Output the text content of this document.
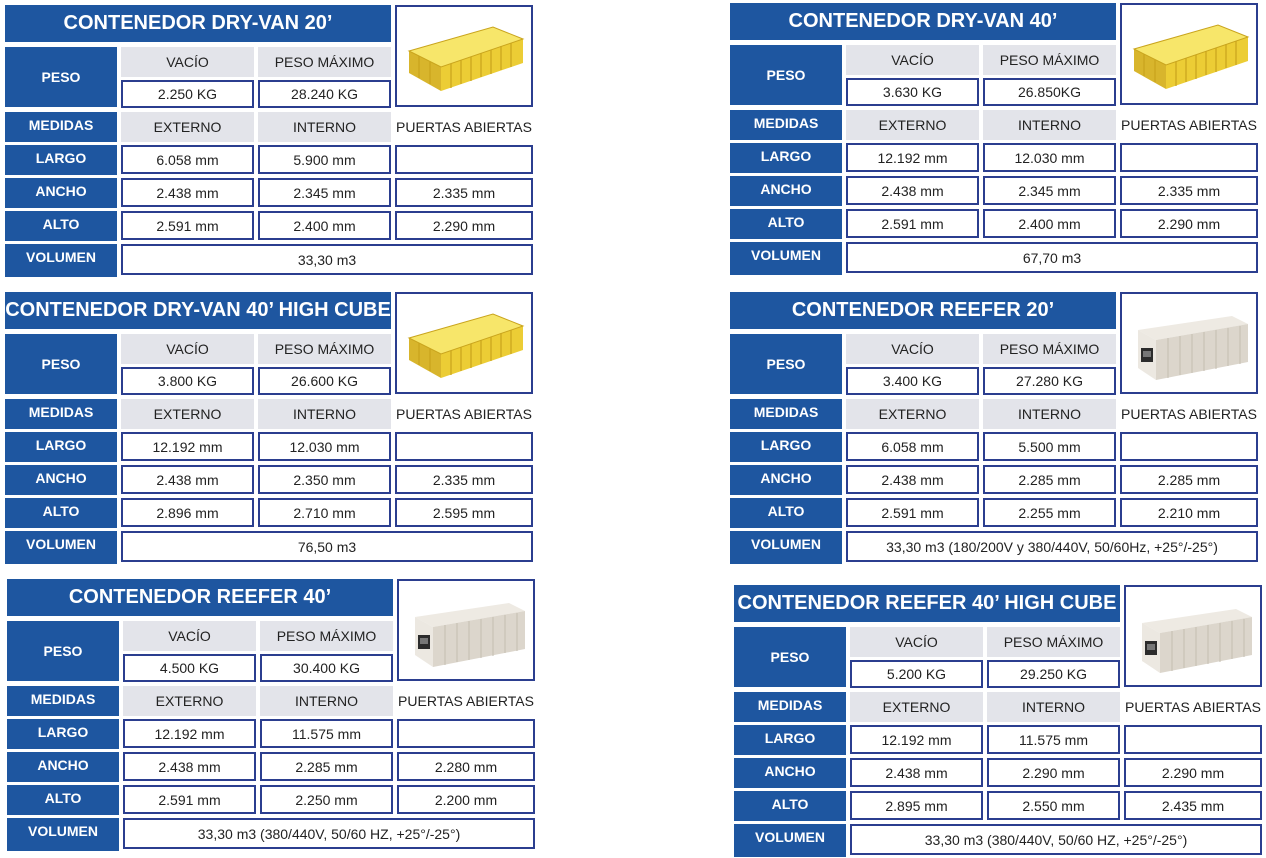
CONTENEDOR DRY-VAN 20’
PESO
VACÍO	PESO MÁXIMO
2.250 KG	28.240 KG
MEDIDAS	EXTERNO	INTERNO	PUERTAS ABIERTAS
LARGO	6.058 mm	5.900 mm
ANCHO	2.438 mm	2.345 mm	2.335 mm
ALTO	2.591 mm	2.400 mm	2.290 mm
VOLUMEN	33,30 m3
CONTENEDOR DRY-VAN 40’
PESO
VACÍO	PESO MÁXIMO
3.630 KG	26.850KG
MEDIDAS	EXTERNO	INTERNO	PUERTAS ABIERTAS
LARGO	12.192 mm	12.030 mm
ANCHO	2.438 mm	2.345 mm	2.335 mm
ALTO	2.591 mm	2.400 mm	2.290 mm
VOLUMEN	67,70 m3
CONTENEDOR DRY-VAN 40’ HIGH CUBE
PESO
VACÍO	PESO MÁXIMO
3.800 KG	26.600 KG
MEDIDAS	EXTERNO	INTERNO	PUERTAS ABIERTAS
LARGO	12.192 mm	12.030 mm
ANCHO	2.438 mm	2.350 mm	2.335 mm
ALTO	2.896 mm	2.710 mm	2.595 mm
VOLUMEN	76,50 m3
CONTENEDOR REEFER 20’
PESO
VACÍO	PESO MÁXIMO
3.400 KG	27.280 KG
MEDIDAS	EXTERNO	INTERNO	PUERTAS ABIERTAS
LARGO	6.058 mm	5.500 mm
ANCHO	2.438 mm	2.285 mm	2.285 mm
ALTO	2.591 mm	2.255 mm	2.210 mm
VOLUMEN	33,30 m3 (180/200V y 380/440V, 50/60Hz, +25°/-25°)
CONTENEDOR REEFER 40’
PESO
VACÍO	PESO MÁXIMO
4.500 KG	30.400 KG
MEDIDAS	EXTERNO	INTERNO	PUERTAS ABIERTAS
LARGO	12.192 mm	11.575 mm
ANCHO	2.438 mm	2.285 mm	2.280 mm
ALTO	2.591 mm	2.250 mm	2.200 mm
VOLUMEN	33,30 m3 (380/440V, 50/60 HZ, +25°/-25°)
CONTENEDOR REEFER 40’ HIGH CUBE
PESO
VACÍO	PESO MÁXIMO
5.200 KG	29.250 KG
MEDIDAS	EXTERNO	INTERNO	PUERTAS ABIERTAS
LARGO	12.192 mm	11.575 mm
ANCHO	2.438 mm	2.290 mm	2.290 mm
ALTO	2.895 mm	2.550 mm	2.435 mm
VOLUMEN	33,30 m3 (380/440V, 50/60 HZ, +25°/-25°)
